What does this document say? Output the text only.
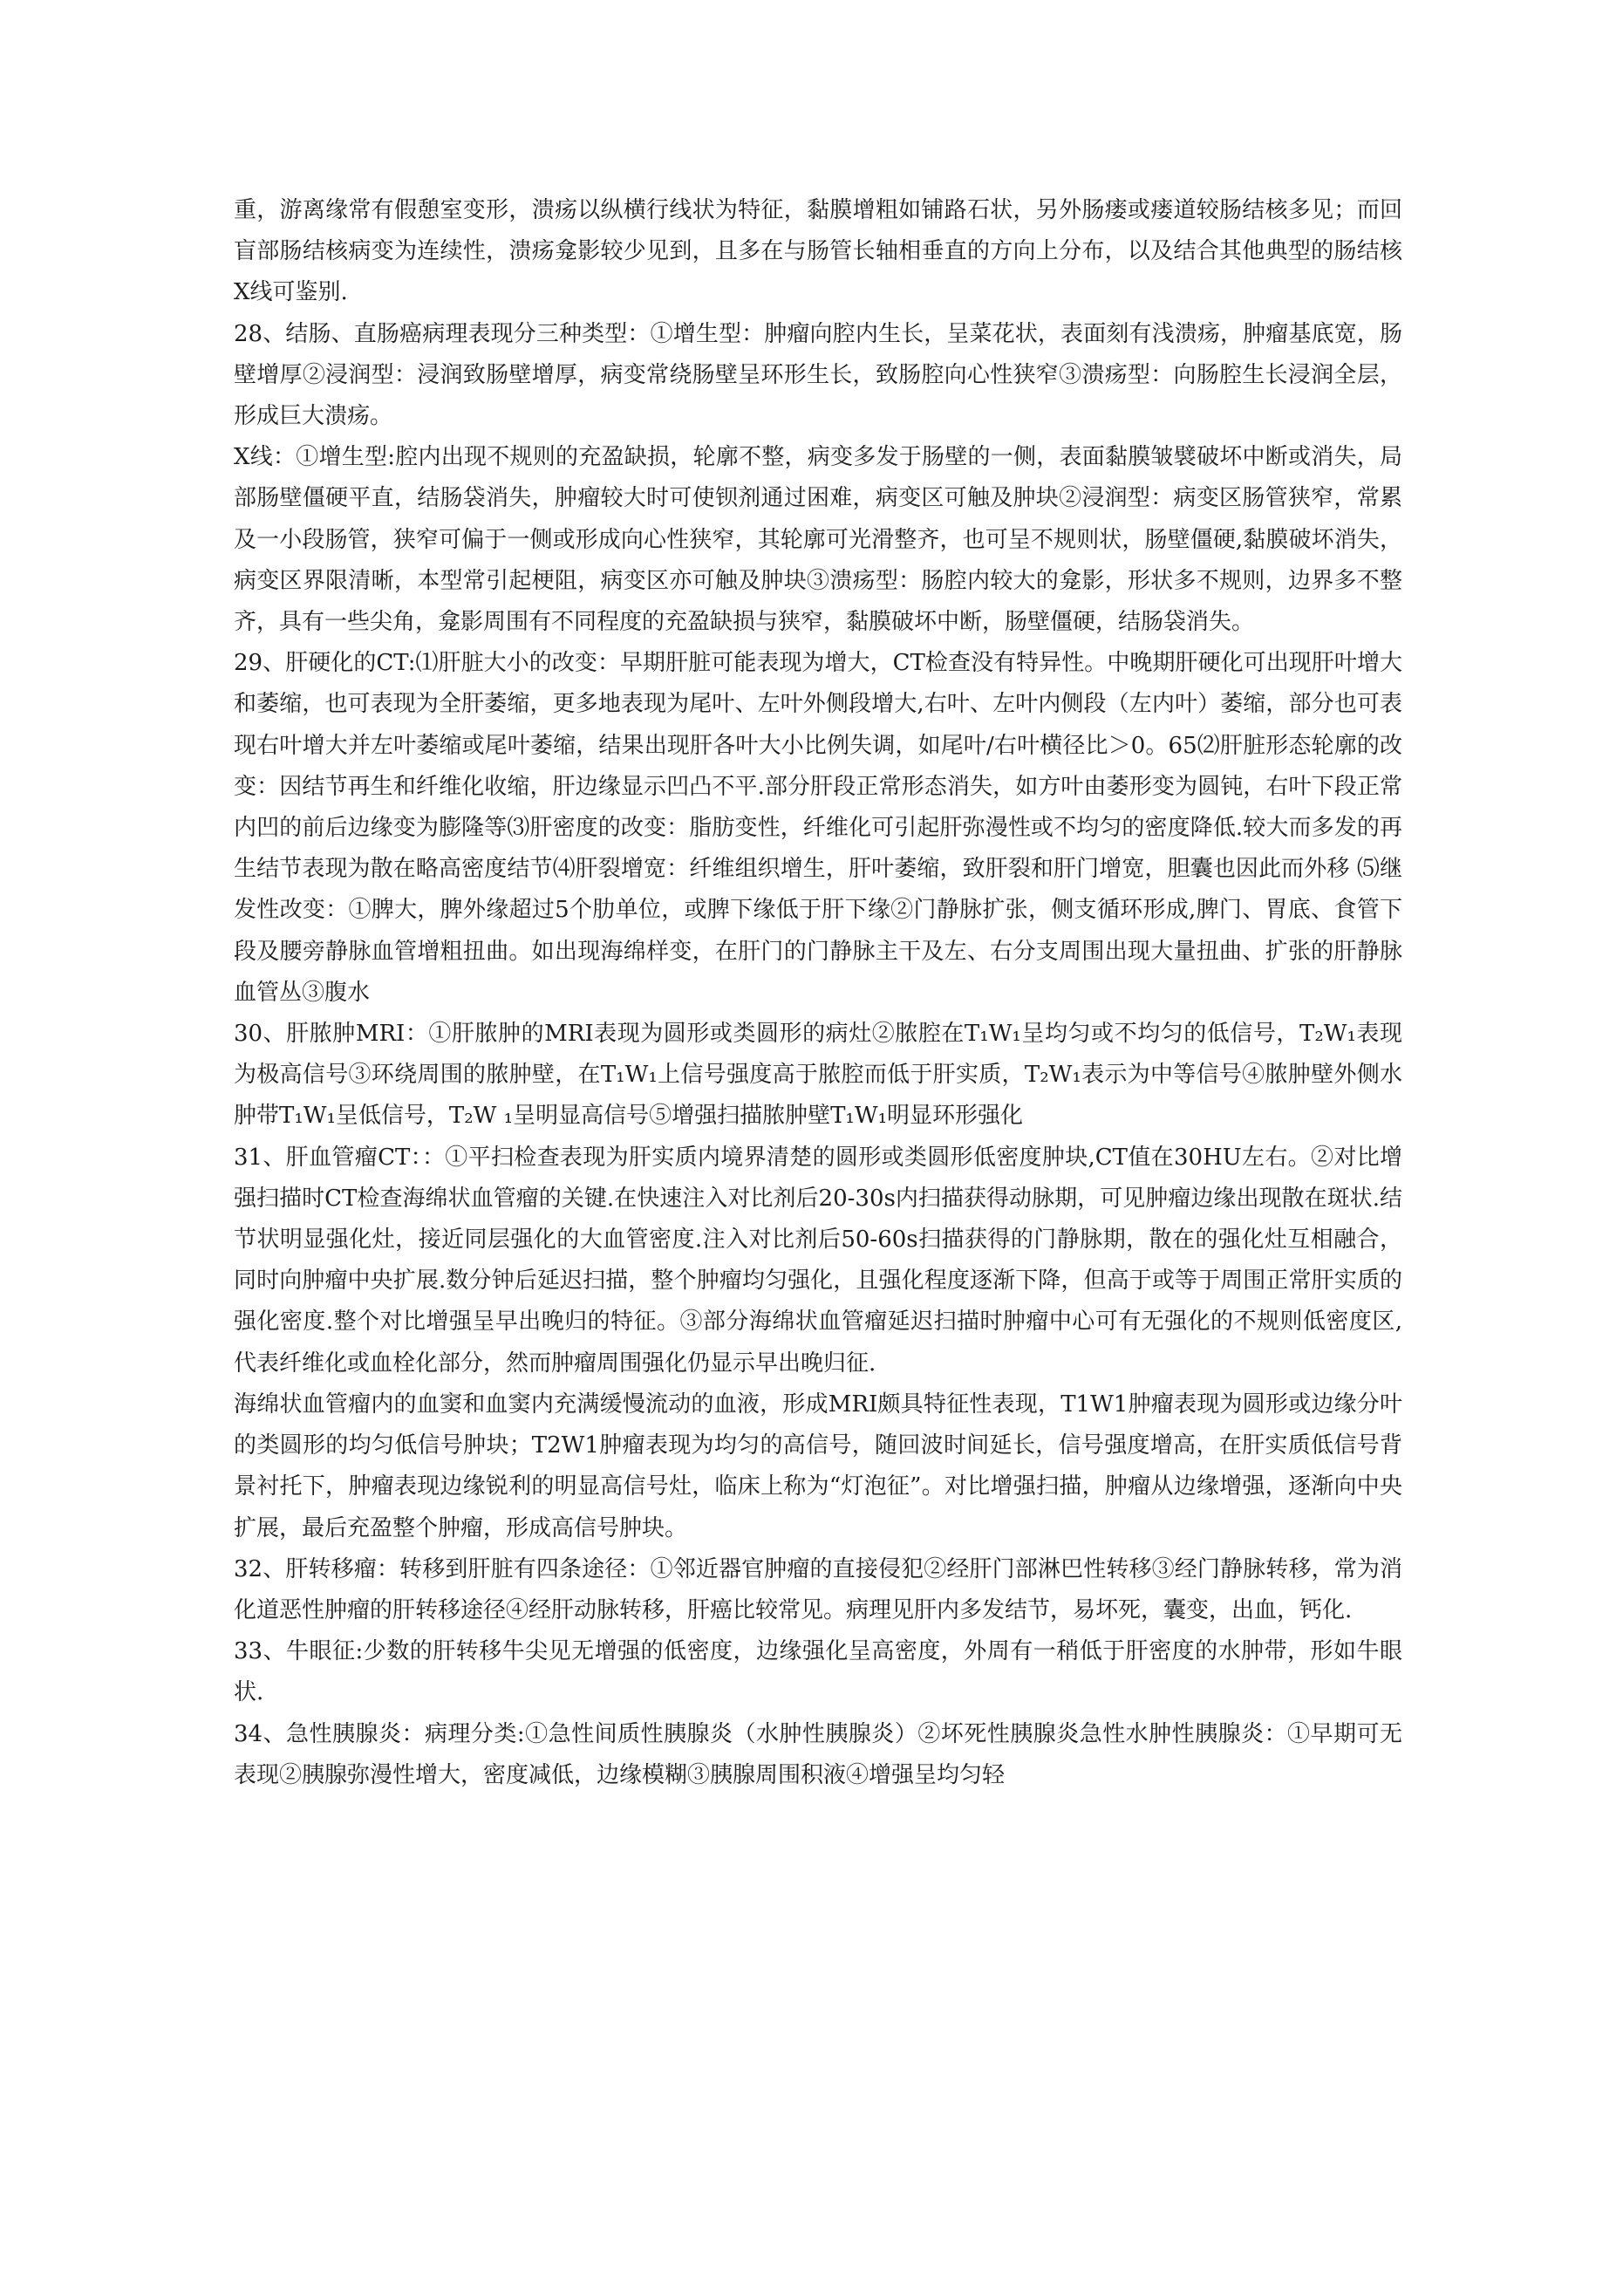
重，游离缘常有假憩室变形，溃疡以纵横行线状为特征，黏膜增粗如铺路石状，另外肠瘘或瘘道较肠结核多见；而回盲部肠结核病变为连续性，溃疡龛影较少见到，且多在与肠管长轴相垂直的方向上分布，以及结合其他典型的肠结核X线可鉴别.

28、结肠、直肠癌病理表现分三种类型：①增生型：肿瘤向腔内生长，呈菜花状，表面刻有浅溃疡，肿瘤基底宽，肠壁增厚②浸润型：浸润致肠壁增厚，病变常绕肠壁呈环形生长，致肠腔向心性狭窄③溃疡型：向肠腔生长浸润全层，形成巨大溃疡。

X线：①增生型:腔内出现不规则的充盈缺损，轮廓不整，病变多发于肠壁的一侧，表面黏膜皱襞破坏中断或消失，局部肠壁僵硬平直，结肠袋消失，肿瘤较大时可使钡剂通过困难，病变区可触及肿块②浸润型：病变区肠管狭窄，常累及一小段肠管，狭窄可偏于一侧或形成向心性狭窄，其轮廓可光滑整齐，也可呈不规则状，肠壁僵硬,黏膜破坏消失，病变区界限清晰，本型常引起梗阻，病变区亦可触及肿块③溃疡型：肠腔内较大的龛影，形状多不规则，边界多不整齐，具有一些尖角，龛影周围有不同程度的充盈缺损与狭窄，黏膜破坏中断，肠壁僵硬，结肠袋消失。

29、肝硬化的CT:⑴肝脏大小的改变：早期肝脏可能表现为增大，CT检查没有特异性。中晚期肝硬化可出现肝叶增大和萎缩，也可表现为全肝萎缩，更多地表现为尾叶、左叶外侧段增大,右叶、左叶内侧段（左内叶）萎缩，部分也可表现右叶增大并左叶萎缩或尾叶萎缩，结果出现肝各叶大小比例失调，如尾叶/右叶横径比＞0。65⑵肝脏形态轮廓的改变：因结节再生和纤维化收缩，肝边缘显示凹凸不平.部分肝段正常形态消失，如方叶由萎形变为圆钝，右叶下段正常内凹的前后边缘变为膨隆等⑶肝密度的改变：脂肪变性，纤维化可引起肝弥漫性或不均匀的密度降低.较大而多发的再生结节表现为散在略高密度结节⑷肝裂增宽：纤维组织增生，肝叶萎缩，致肝裂和肝门增宽，胆囊也因此而外移 ⑸继发性改变：①脾大，脾外缘超过5个肋单位，或脾下缘低于肝下缘②门静脉扩张，侧支循环形成,脾门、胃底、食管下段及腰旁静脉血管增粗扭曲。如出现海绵样变，在肝门的门静脉主干及左、右分支周围出现大量扭曲、扩张的肝静脉血管丛③腹水

30、肝脓肿MRI：①肝脓肿的MRI表现为圆形或类圆形的病灶②脓腔在T₁W₁呈均匀或不均匀的低信号，T₂W₁表现为极高信号③环绕周围的脓肿壁，在T₁W₁上信号强度高于脓腔而低于肝实质，T₂W₁表示为中等信号④脓肿壁外侧水肿带T₁W₁呈低信号，T₂W ₁呈明显高信号⑤增强扫描脓肿壁T₁W₁明显环形强化

31、肝血管瘤CT：：①平扫检查表现为肝实质内境界清楚的圆形或类圆形低密度肿块,CT值在30HU左右。②对比增强扫描时CT检查海绵状血管瘤的关键.在快速注入对比剂后20-30s内扫描获得动脉期，可见肿瘤边缘出现散在斑状.结节状明显强化灶，接近同层强化的大血管密度.注入对比剂后50-60s扫描获得的门静脉期，散在的强化灶互相融合，同时向肿瘤中央扩展.数分钟后延迟扫描，整个肿瘤均匀强化，且强化程度逐渐下降，但高于或等于周围正常肝实质的强化密度.整个对比增强呈早出晚归的特征。③部分海绵状血管瘤延迟扫描时肿瘤中心可有无强化的不规则低密度区,代表纤维化或血栓化部分，然而肿瘤周围强化仍显示早出晚归征.

海绵状血管瘤内的血窦和血窦内充满缓慢流动的血液，形成MRI颇具特征性表现，T1W1肿瘤表现为圆形或边缘分叶的类圆形的均匀低信号肿块；T2W1肿瘤表现为均匀的高信号，随回波时间延长，信号强度增高，在肝实质低信号背景衬托下，肿瘤表现边缘锐利的明显高信号灶，临床上称为“灯泡征”。对比增强扫描，肿瘤从边缘增强，逐渐向中央扩展，最后充盈整个肿瘤，形成高信号肿块。

32、肝转移瘤：转移到肝脏有四条途径：①邻近器官肿瘤的直接侵犯②经肝门部淋巴性转移③经门静脉转移，常为消化道恶性肿瘤的肝转移途径④经肝动脉转移，肝癌比较常见。病理见肝内多发结节，易坏死，囊变，出血，钙化.

33、牛眼征:少数的肝转移牛尖见无增强的低密度，边缘强化呈高密度，外周有一稍低于肝密度的水肿带，形如牛眼状.

34、急性胰腺炎：病理分类:①急性间质性胰腺炎（水肿性胰腺炎）②坏死性胰腺炎急性水肿性胰腺炎：①早期可无表现②胰腺弥漫性增大，密度减低，边缘模糊③胰腺周围积液④增强呈均匀轻
